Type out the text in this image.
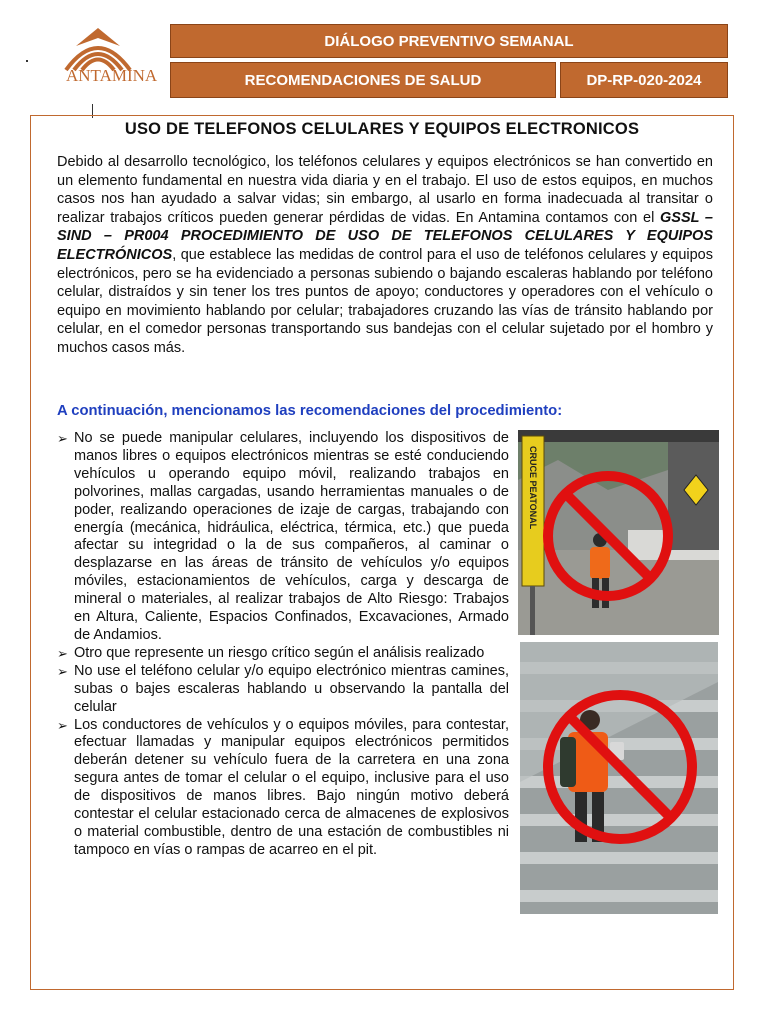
ANTAMINA
DIÁLOGO PREVENTIVO SEMANAL
RECOMENDACIONES DE SALUD	DP-RP-020-2024
USO DE TELEFONOS CELULARES Y EQUIPOS ELECTRONICOS

Debido al desarrollo tecnológico, los teléfonos celulares y equipos electrónicos se han convertido en un elemento fundamental en nuestra vida diaria y en el trabajo. El uso de estos equipos, en muchos casos nos han ayudado a salvar vidas; sin embargo, al usarlo en forma inadecuada al transitar o realizar trabajos críticos pueden generar pérdidas de vidas. En Antamina contamos con el GSSL – SIND – PR004 PROCEDIMIENTO DE USO DE TELEFONOS CELULARES Y EQUIPOS ELECTRÓNICOS, que establece las medidas de control para el uso de teléfonos celulares y equipos electrónicos, pero se ha evidenciado a personas subiendo o bajando escaleras hablando por teléfono celular, distraídos y sin tener los tres puntos de apoyo; conductores y operadores con el vehículo o equipo en movimiento hablando por celular; trabajadores cruzando las vías de tránsito hablando por celular, en el comedor personas transportando sus bandejas con el celular sujetado por el hombro y muchos casos más.

A continuación, mencionamos las recomendaciones del procedimiento:

➢ No se puede manipular celulares, incluyendo los dispositivos de manos libres o equipos electrónicos mientras se esté conduciendo vehículos u operando equipo móvil, realizando trabajos en polvorines, mallas cargadas, usando herramientas manuales o de poder, realizando operaciones de izaje de cargas, trabajando con energía (mecánica, hidráulica, eléctrica, térmica, etc.) que pueda afectar su integridad o la de sus compañeros, al caminar o desplazarse en las áreas de tránsito de vehículos y/o equipos móviles, estacionamientos de vehículos, carga y descarga de mineral o materiales, al realizar trabajos de Alto Riesgo: Trabajos en Altura, Caliente, Espacios Confinados, Excavaciones, Armado de Andamios.
➢ Otro que represente un riesgo crítico según el análisis realizado
➢ No use el teléfono celular y/o equipo electrónico mientras camines, subas o bajes escaleras hablando u observando la pantalla del celular
➢ Los conductores de vehículos y o equipos móviles, para contestar, efectuar llamadas y manipular equipos electrónicos permitidos deberán detener su vehículo fuera de la carretera en una zona segura antes de tomar el celular o el equipo, inclusive para el uso de dispositivos de manos libres. Bajo ningún motivo deberá contestar el celular estacionado cerca de almacenes de explosivos o material combustible, dentro de una estación de combustibles ni tampoco en vías o rampas de acarreo en el pit.
CRUCE PEATONAL
